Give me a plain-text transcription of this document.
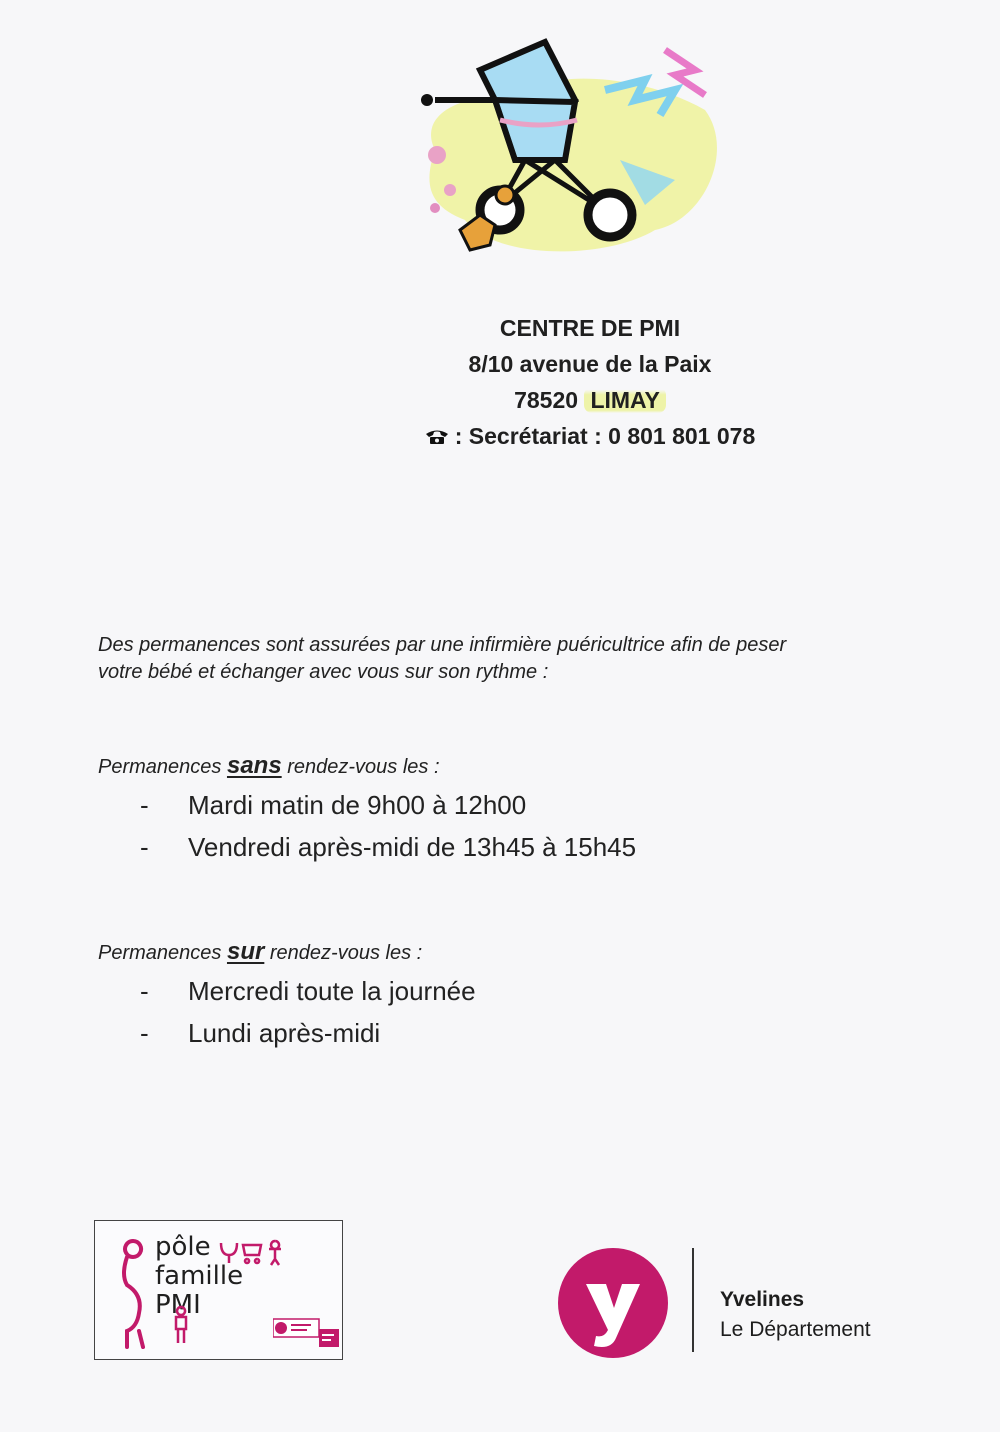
CENTRE DE PMI
8/10 avenue de la Paix
78520 LIMAY
: Secrétariat : 0 801 801 078

Des permanences sont assurées par une infirmière puéricultrice afin de peser

votre bébé et échanger avec vous sur son rythme :

Permanences sans rendez-vous les :
- Mardi matin de 9h00 à 12h00
- Vendredi après-midi de 13h45 à 15h45
Permanences sur rendez-vous les :
- Mercredi toute la journée
- Lundi après-midi
pôle
famille
PMI	Yvelines
Le Département
